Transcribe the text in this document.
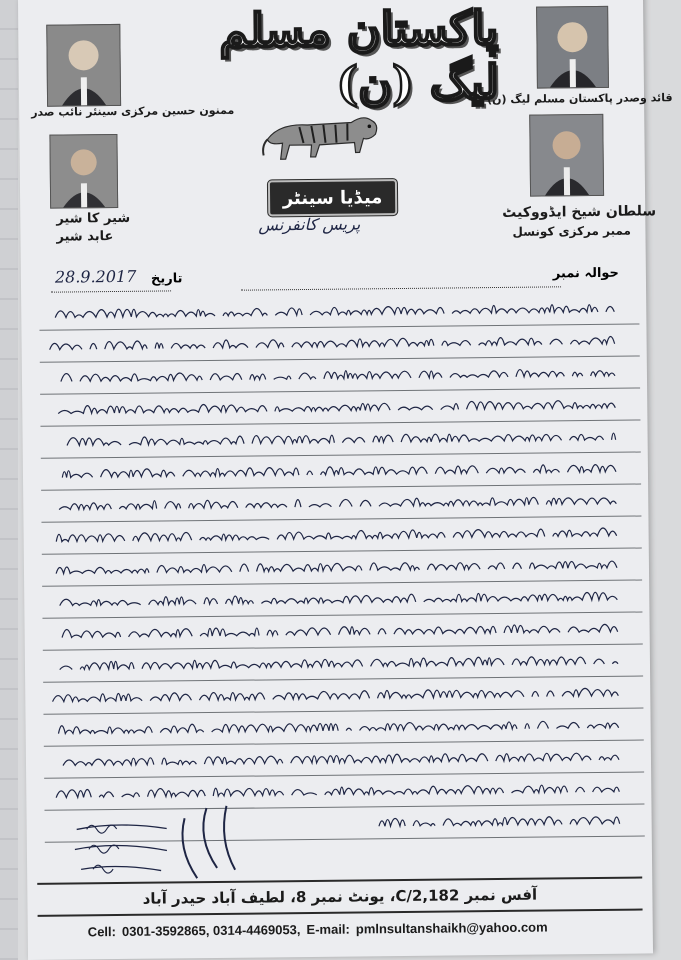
پاکستان مسلم لیگ (ن)
ممنون حسین مرکزی سینئر نائب صدر
قائد وصدر پاکستان مسلم لیگ (ن)
شیر کا شیر
عابد شیر
سلطان شیخ ایڈووکیٹ
ممبر مرکزی کونسل
میڈیا سینٹر
پریس کانفرنس
حوالہ نمبر
تاریخ
28.9.2017
آفس نمبر C/2,182، یونٹ نمبر 8، لطیف آباد حیدر آباد
Cell: 0301-3592865, 0314-4469053, E-mail: pmlnsultanshaikh@yahoo.com
